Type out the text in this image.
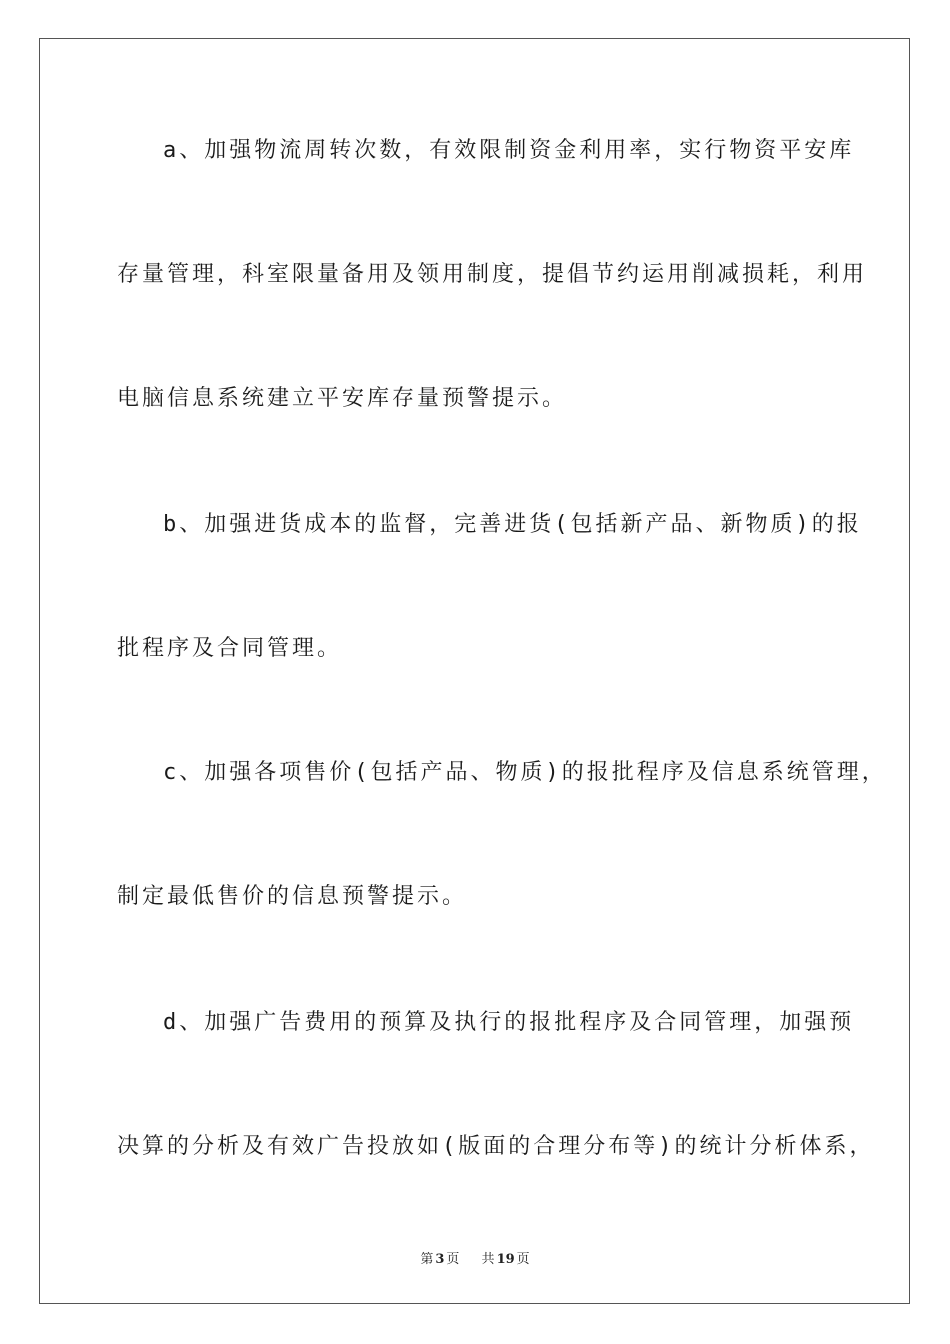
a、加强物流周转次数，有效限制资金利用率，实行物资平安库
存量管理，科室限量备用及领用制度，提倡节约运用削减损耗，利用
电脑信息系统建立平安库存量预警提示。
b、加强进货成本的监督，完善进货(包括新产品、新物质)的报
批程序及合同管理。
c、加强各项售价(包括产品、物质)的报批程序及信息系统管理，
制定最低售价的信息预警提示。
d、加强广告费用的预算及执行的报批程序及合同管理，加强预
决算的分析及有效广告投放如(版面的合理分布等)的统计分析体系，
第 3 页 共 19 页
